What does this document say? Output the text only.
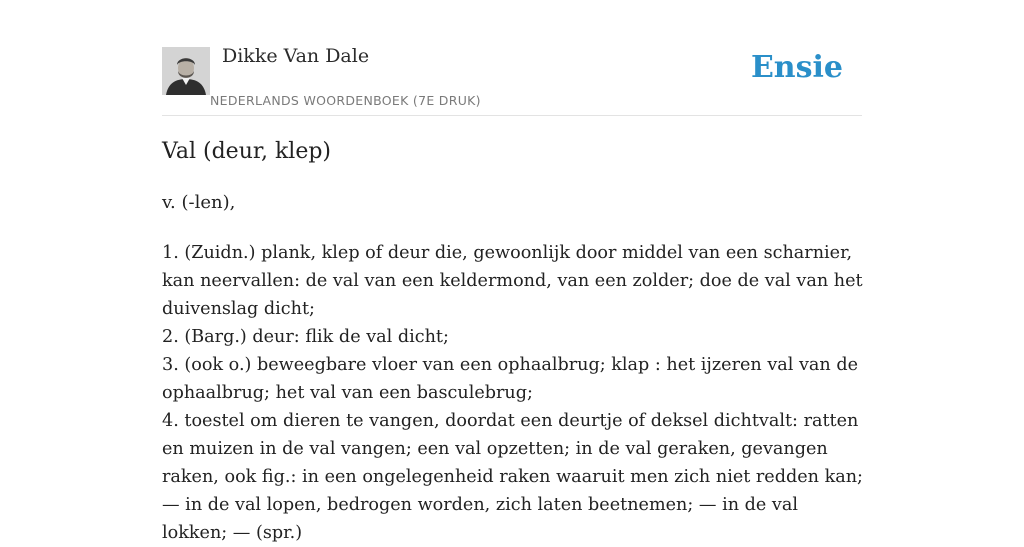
Dikke Van Dale
NEDERLANDS WOORDENBOEK (7E DRUK)
Ensie
Val (deur, klep)
v. (-len),
1. (Zuidn.) plank, klep of deur die, gewoonlijk door middel van een scharnier, kan neervallen: de val van een keldermond, van een zolder; doe de val van het duivenslag dicht;
2. (Barg.) deur: flik de val dicht;
3. (ook o.) beweegbare vloer van een ophaalbrug; klap : het ijzeren val van de ophaalbrug; het val van een basculebrug;
4. toestel om dieren te vangen, doordat een deurtje of deksel dichtvalt: ratten en muizen in de val vangen; een val opzetten; in de val geraken, gevangen raken, ook fig.: in een ongelegenheid raken waaruit men zich niet redden kan; — in de val lopen, bedrogen worden, zich laten beetnemen; — in de val lokken; — (spr.)
